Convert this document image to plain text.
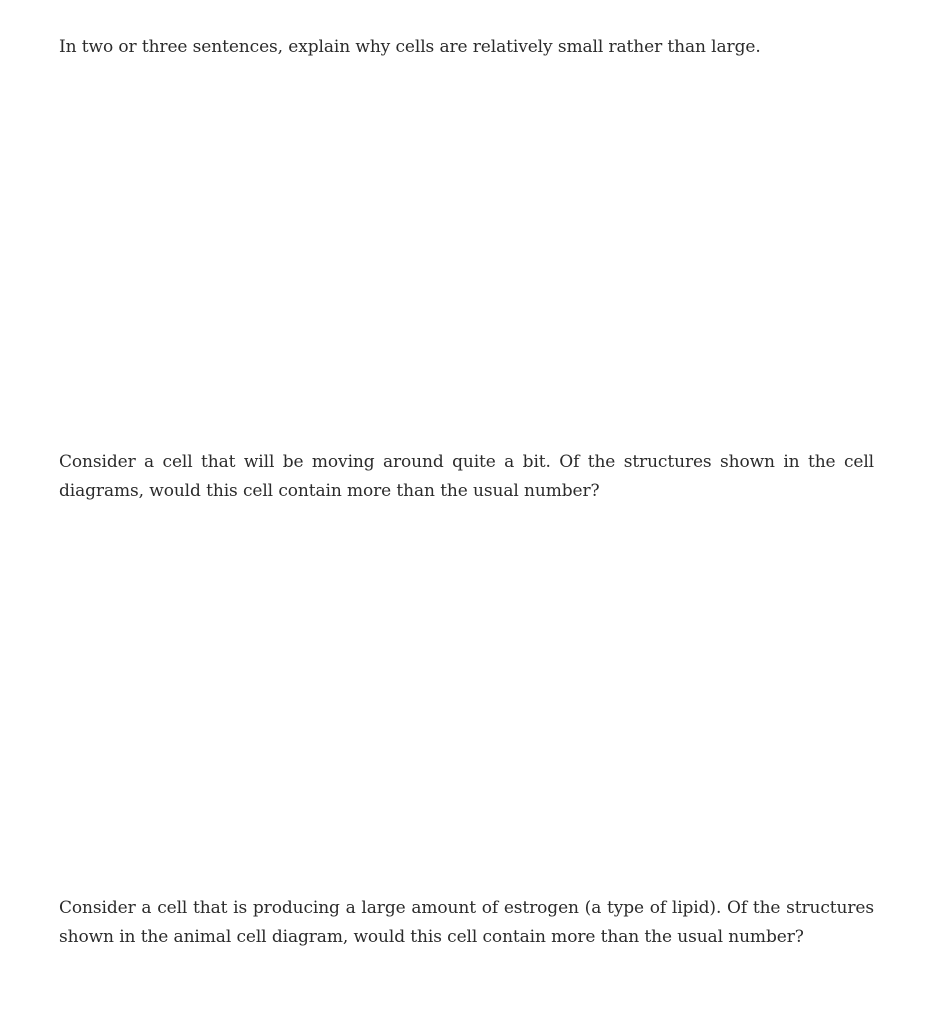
In two or three sentences, explain why cells are relatively small rather than large.

Consider a cell that will be moving around quite a bit. Of the structures shown in the cell diagrams, would this cell contain more than the usual number?

Consider a cell that is producing a large amount of estrogen (a type of lipid). Of the structures shown in the animal cell diagram, would this cell contain more than the usual number?
